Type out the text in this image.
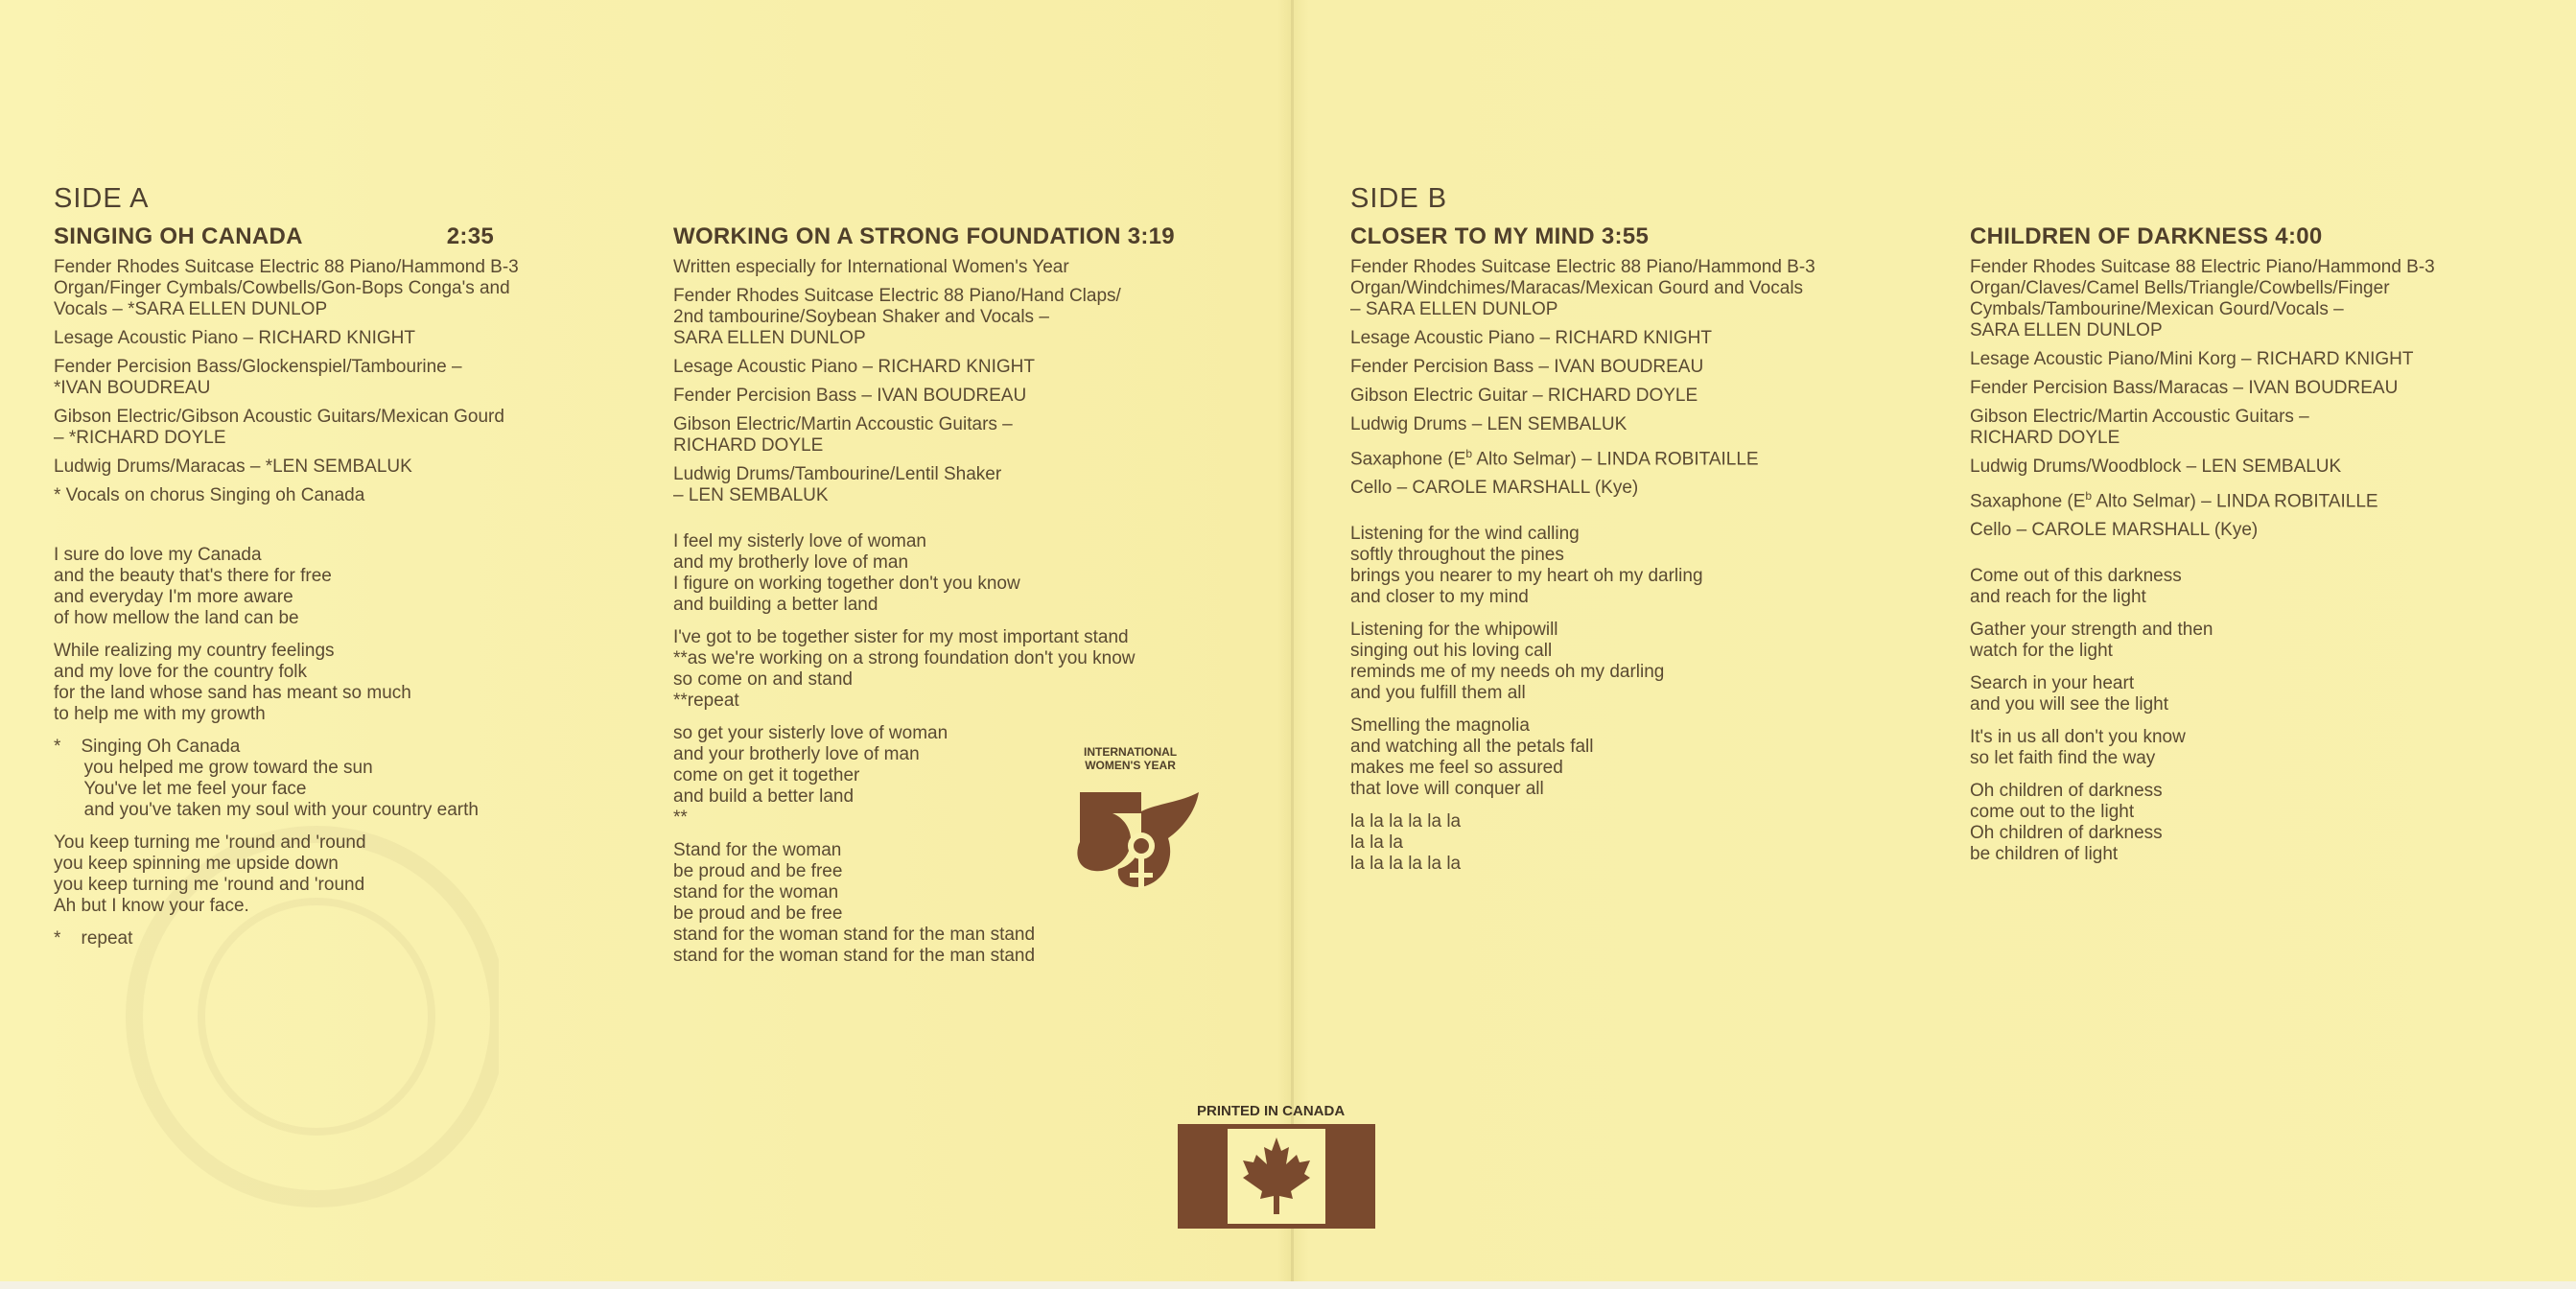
SIDE A
SINGING OH CANADA	2:35

Fender Rhodes Suitcase Electric 88 Piano/Hammond B-3
Organ/Finger Cymbals/Cowbells/Gon-Bops Conga's and
Vocals – *SARA ELLEN DUNLOP

Lesage Acoustic Piano – RICHARD KNIGHT

Fender Percision Bass/Glockenspiel/Tambourine –
*IVAN BOUDREAU

Gibson Electric/Gibson Acoustic Guitars/Mexican Gourd
– *RICHARD DOYLE

Ludwig Drums/Maracas – *LEN SEMBALUK

* Vocals on chorus Singing oh Canada

I sure do love my Canada
and the beauty that's there for free
and everyday I'm more aware
of how mellow the land can be

While realizing my country feelings
and my love for the country folk
for the land whose sand has meant so much
to help me with my growth

*    Singing Oh Canada
you helped me grow toward the sun
You've let me feel your face
and you've taken my soul with your country earth

You keep turning me 'round and 'round
you keep spinning me upside down
you keep turning me 'round and 'round
Ah but I know your face.

*    repeat

WORKING ON A STRONG FOUNDATION 3:19

Written especially for International Women's Year

Fender Rhodes Suitcase Electric 88 Piano/Hand Claps/
2nd tambourine/Soybean Shaker and Vocals –
SARA ELLEN DUNLOP

Lesage Acoustic Piano – RICHARD KNIGHT

Fender Percision Bass – IVAN BOUDREAU

Gibson Electric/Martin Accoustic Guitars –
RICHARD DOYLE

Ludwig Drums/Tambourine/Lentil Shaker
– LEN SEMBALUK

I feel my sisterly love of woman
and my brotherly love of man
I figure on working together don't you know
and building a better land

I've got to be together sister for my most important stand
**as we're working on a strong foundation don't you know
so come on and stand
**repeat

so get your sisterly love of woman
and your brotherly love of man
come on get it together
and build a better land
**

Stand for the woman
be proud and be free
stand for the woman
be proud and be free
stand for the woman stand for the man stand
stand for the woman stand for the man stand

INTERNATIONAL
WOMEN'S YEAR
SIDE B
CLOSER TO MY MIND 3:55

Fender Rhodes Suitcase Electric 88 Piano/Hammond B-3
Organ/Windchimes/Maracas/Mexican Gourd and Vocals
– SARA ELLEN DUNLOP

Lesage Acoustic Piano – RICHARD KNIGHT

Fender Percision Bass – IVAN BOUDREAU

Gibson Electric Guitar – RICHARD DOYLE

Ludwig Drums – LEN SEMBALUK

Saxaphone ($E^b$ Alto Selmar) – LINDA ROBITAILLE

Cello – CAROLE MARSHALL (Kye)

Listening for the wind calling
softly throughout the pines
brings you nearer to my heart oh my darling
and closer to my mind

Listening for the whipowill
singing out his loving call
reminds me of my needs oh my darling
and you fulfill them all

Smelling the magnolia
and watching all the petals fall
makes me feel so assured
that love will conquer all

la la la la la la
la la la
la la la la la la

CHILDREN OF DARKNESS 4:00

Fender Rhodes Suitcase 88 Electric Piano/Hammond B-3
Organ/Claves/Camel Bells/Triangle/Cowbells/Finger
Cymbals/Tambourine/Mexican Gourd/Vocals –
SARA ELLEN DUNLOP

Lesage Acoustic Piano/Mini Korg – RICHARD KNIGHT

Fender Percision Bass/Maracas – IVAN BOUDREAU

Gibson Electric/Martin Accoustic Guitars –
RICHARD DOYLE

Ludwig Drums/Woodblock – LEN SEMBALUK

Saxaphone ($E^b$ Alto Selmar) – LINDA ROBITAILLE

Cello – CAROLE MARSHALL (Kye)

Come out of this darkness
and reach for the light

Gather your strength and then
watch for the light

Search in your heart
and you will see the light

It's in us all don't you know
so let faith find the way

Oh children of darkness
come out to the light
Oh children of darkness
be children of light

PRINTED IN CANADA
